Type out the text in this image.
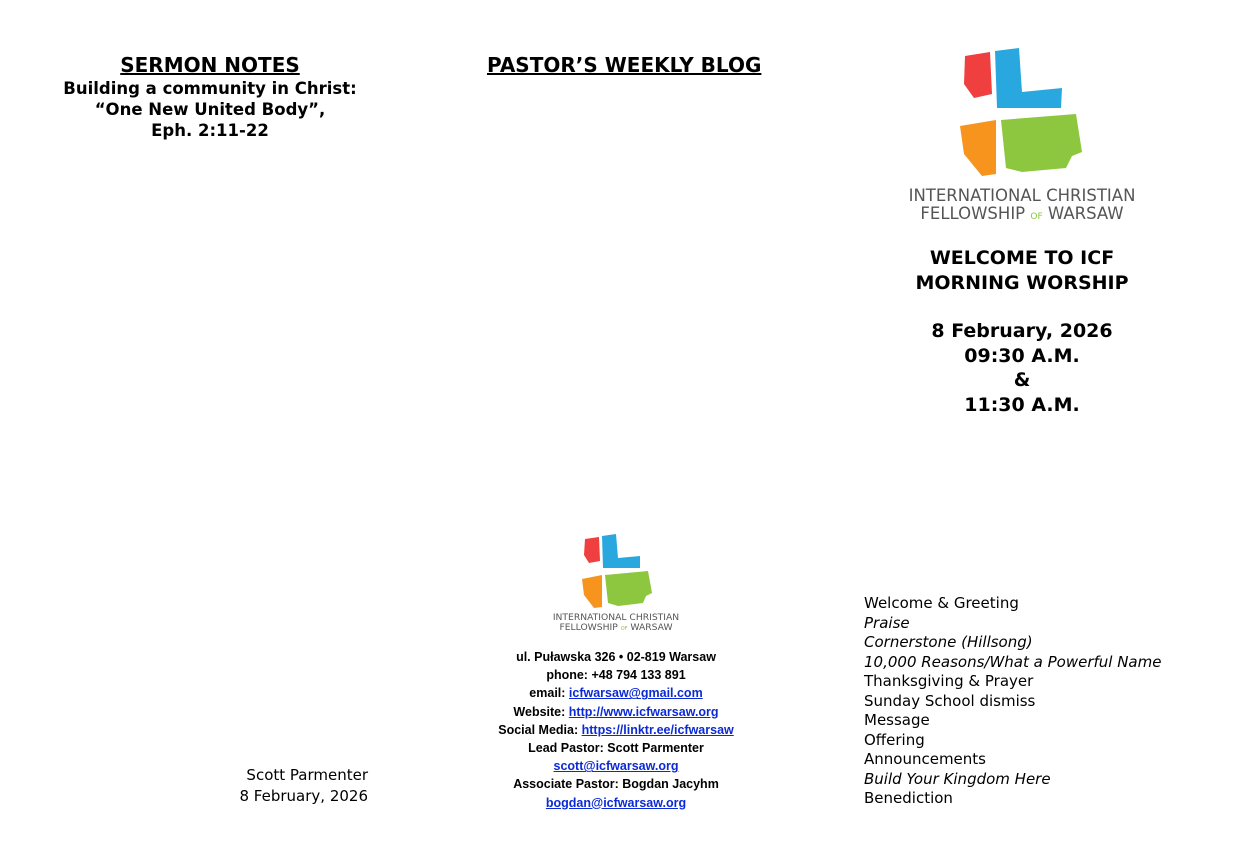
SERMON NOTES
Building a community in Christ:
“One New United Body”,
Eph. 2:11-22
PASTOR’S WEEKLY BLOG
Scott Parmenter
8 February, 2026
INTERNATIONAL CHRISTIAN
FELLOWSHIP OF WARSAW
WELCOME TO ICF
MORNING WORSHIP
8 February, 2026
09:30 A.M.
&
11:30 A.M.
INTERNATIONAL CHRISTIAN
FELLOWSHIP OF WARSAW
ul. Puławska 326 • 02-819 Warsaw
phone: +48 794 133 891
email: icfwarsaw@gmail.com
Website: http://www.icfwarsaw.org
Social Media: https://linktr.ee/icfwarsaw
Lead Pastor: Scott Parmenter
scott@icfwarsaw.org
Associate Pastor: Bogdan Jacyhm
bogdan@icfwarsaw.org
Welcome & Greeting
Praise
Cornerstone (Hillsong)
10,000 Reasons/What a Powerful Name
Thanksgiving & Prayer
Sunday School dismiss
Message
Offering
Announcements
Build Your Kingdom Here
Benediction
